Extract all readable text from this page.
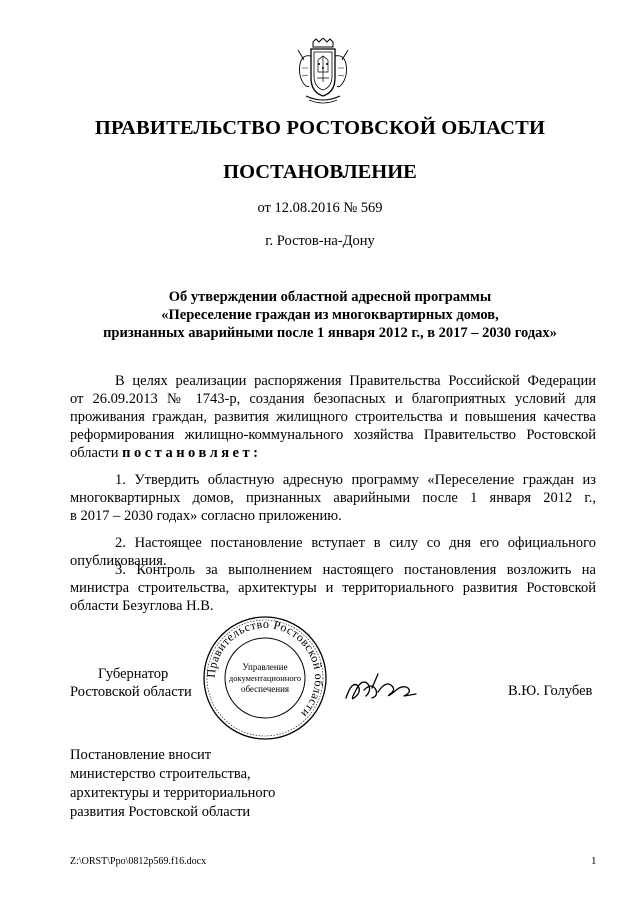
ПРАВИТЕЛЬСТВО РОСТОВСКОЙ ОБЛАСТИ
ПОСТАНОВЛЕНИЕ
от 12.08.2016 № 569
г. Ростов-на-Дону
Об утверждении областной адресной программы
«Переселение граждан из многоквартирных домов,
признанных аварийными после 1 января 2012 г., в 2017 – 2030 годах»
В целях реализации распоряжения Правительства Российской Федерации
от 26.09.2013 № 1743-р, создания безопасных и благоприятных условий для
проживания граждан, развития жилищного строительства и повышения качества
реформирования жилищно-коммунального хозяйства Правительство Ростовской
области постановляет:
1. Утвердить областную адресную программу «Переселение граждан из
многоквартирных домов, признанных аварийными после 1 января 2012 г.,
в 2017 – 2030 годах» согласно приложению.
2. Настоящее постановление вступает в силу со дня его официального
опубликования.
3. Контроль за выполнением настоящего постановления возложить на
министра строительства, архитектуры и территориального развития Ростовской
области Безуглова Н.В.
Губернатор
Ростовской области
Правительство Ростовской области
Управление
документационного
обеспечения	В.Ю. Голубев
Постановление вносит
министерство строительства,
архитектуры и территориального
развития Ростовской области
Z:\ORST\Ppo\0812p569.f16.docx	1
